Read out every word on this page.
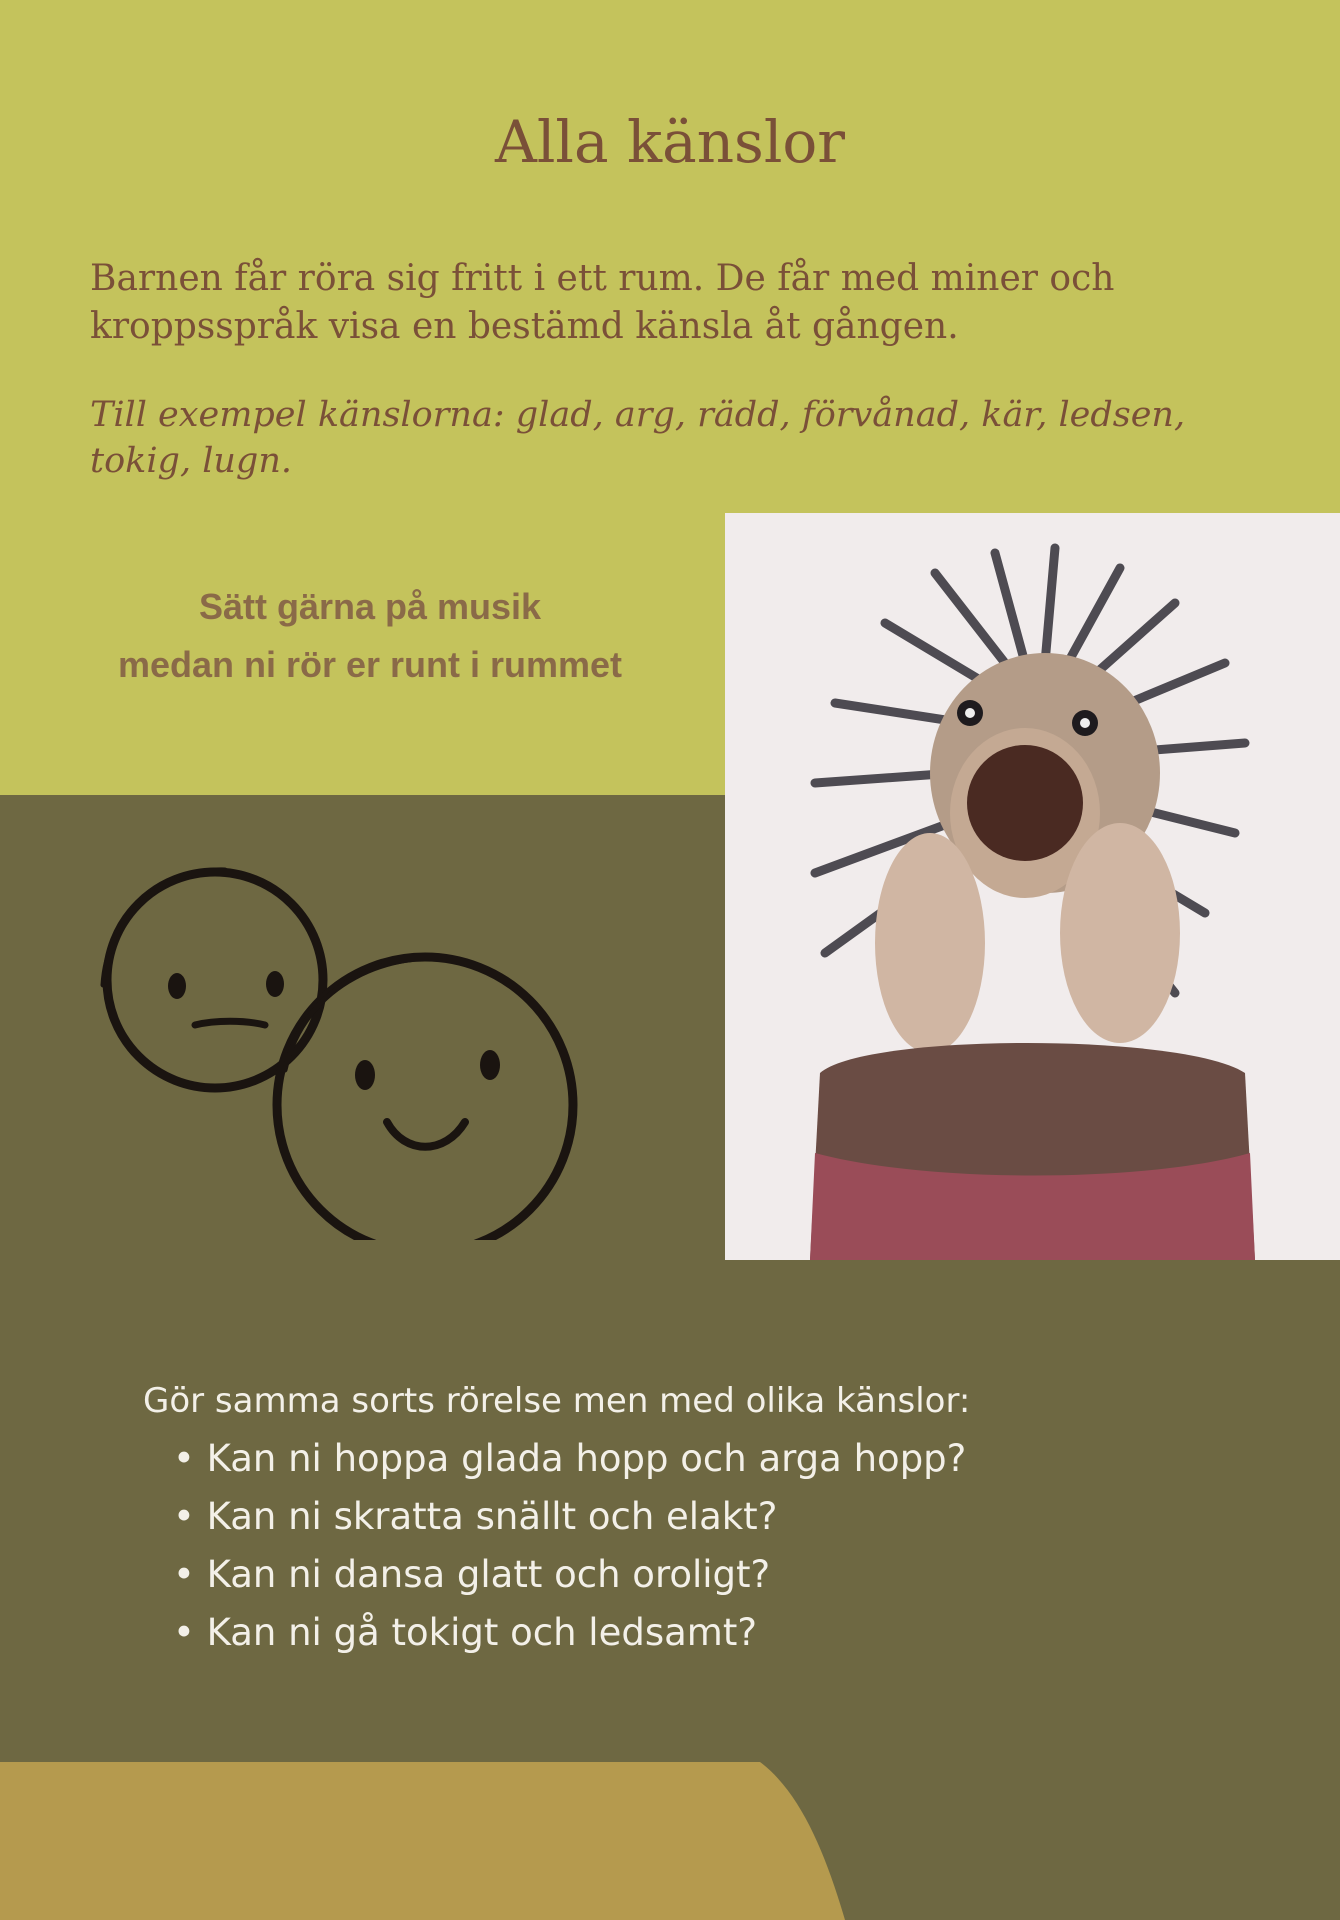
Alla känslor

Barnen får röra sig fritt i ett rum. De får med miner och kroppsspråk visa en bestämd känsla åt gången.

Till exempel känslorna: glad, arg, rädd, förvånad, kär, ledsen, tokig, lugn.

Sätt gärna på musik
medan ni rör er runt i rummet
Gör samma sorts rörelse men med olika känslor:
• Kan ni hoppa glada hopp och arga hopp?
• Kan ni skratta snällt och elakt?
• Kan ni dansa glatt och oroligt?
• Kan ni gå tokigt och ledsamt?
